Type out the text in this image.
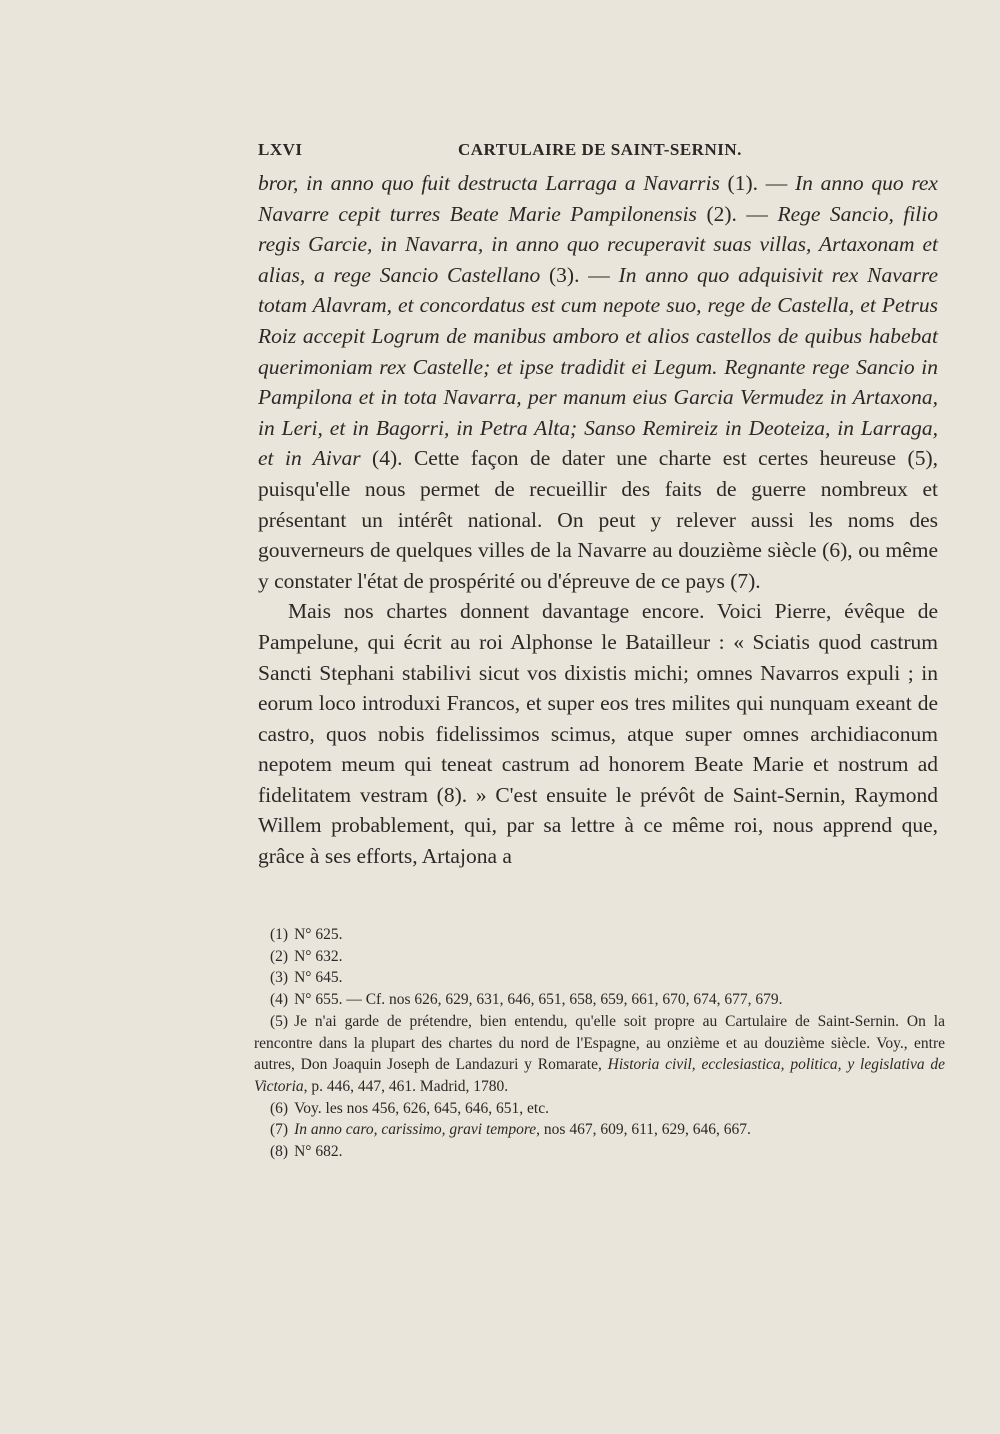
LXVI	CARTULAIRE DE SAINT-SERNIN.

bror, in anno quo fuit destructa Larraga a Navarris (1). — In anno quo rex Navarre cepit turres Beate Marie Pampilonensis (2). — Rege Sancio, filio regis Garcie, in Navarra, in anno quo recuperavit suas villas, Artaxonam et alias, a rege Sancio Castellano (3). — In anno quo adquisivit rex Navarre totam Alavram, et concordatus est cum nepote suo, rege de Castella, et Petrus Roiz accepit Logrum de manibus amboro et alios castellos de quibus habebat querimoniam rex Castelle; et ipse tradidit ei Legum. Regnante rege Sancio in Pampilona et in tota Navarra, per manum eius Garcia Vermudez in Artaxona, in Leri, et in Bagorri, in Petra Alta; Sanso Remireiz in Deoteiza, in Larraga, et in Aivar (4). Cette façon de dater une charte est certes heureuse (5), puisqu'elle nous permet de recueillir des faits de guerre nombreux et présentant un intérêt national. On peut y relever aussi les noms des gouverneurs de quelques villes de la Navarre au douzième siècle (6), ou même y constater l'état de prospérité ou d'épreuve de ce pays (7).

Mais nos chartes donnent davantage encore. Voici Pierre, évêque de Pampelune, qui écrit au roi Alphonse le Batailleur : « Sciatis quod castrum Sancti Stephani stabilivi sicut vos dixistis michi; omnes Navarros expuli ; in eorum loco introduxi Francos, et super eos tres milites qui nunquam exeant de castro, quos nobis fidelissimos scimus, atque super omnes archidiaconum nepotem meum qui teneat castrum ad honorem Beate Marie et nostrum ad fidelitatem vestram (8). » C'est ensuite le prévôt de Saint-Sernin, Raymond Willem probablement, qui, par sa lettre à ce même roi, nous apprend que, grâce à ses efforts, Artajona a

(1) N° 625.

(2) N° 632.

(3) N° 645.

(4) N° 655. — Cf. nos 626, 629, 631, 646, 651, 658, 659, 661, 670, 674, 677, 679.

(5) Je n'ai garde de prétendre, bien entendu, qu'elle soit propre au Cartulaire de Saint-Sernin. On la rencontre dans la plupart des chartes du nord de l'Espagne, au onzième et au douzième siècle. Voy., entre autres, Don Joaquin Joseph de Landazuri y Romarate, Historia civil, ecclesiastica, politica, y legislativa de Victoria, p. 446, 447, 461. Madrid, 1780.

(6) Voy. les nos 456, 626, 645, 646, 651, etc.

(7) In anno caro, carissimo, gravi tempore, nos 467, 609, 611, 629, 646, 667.

(8) N° 682.
